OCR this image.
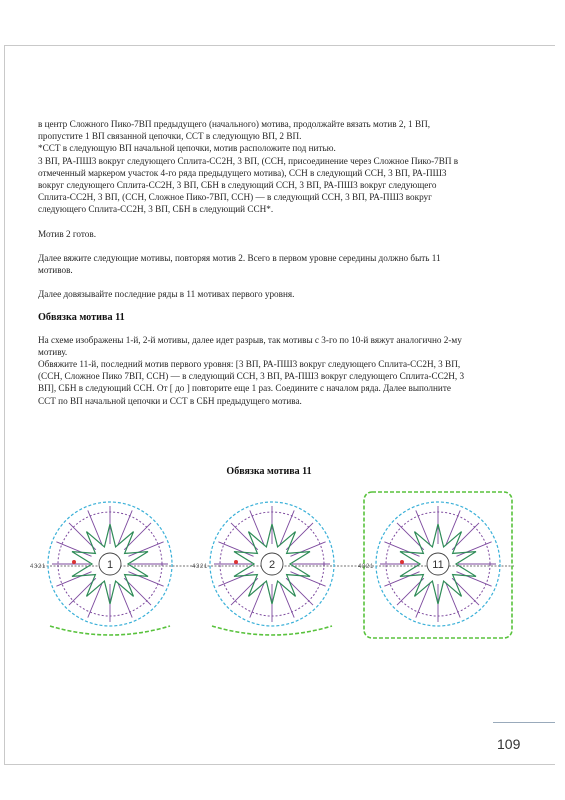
109

в центр Сложного Пико-7ВП предыдущего (начального) мотива, продолжайте вязать мотив 2, 1 ВП, пропустите 1 ВП связанной цепочки, ССТ в следующую ВП, 2 ВП.

*ССТ в следующую ВП начальной цепочки, мотив расположите под нитью.

3 ВП, РА-ПШ3 вокруг следующего Сплита-СС2Н, 3 ВП, (ССН, присоединение через Сложное Пико-7ВП в отмеченный маркером участок 4-го ряда предыдущего мотива), ССН в следующий ССН, 3 ВП, РА-ПШ3 вокруг следующего Сплита-СС2Н, 3 ВП, СБН в следующий ССН, 3 ВП, РА-ПШ3 вокруг следующего Сплита-СС2Н, 3 ВП, (ССН, Сложное Пико-7ВП, ССН) — в следующий ССН, 3 ВП, РА-ПШ3 вокруг следующего Сплита-СС2Н, 3 ВП, СБН в следующий ССН*.

Мотив 2 готов.

Далее вяжите следующие мотивы, повторяя мотив 2. Всего в первом уровне середины должно быть 11 мотивов.

Далее довязывайте последние ряды в 11 мотивах первого уровня.

Обвязка мотива 11

На схеме изображены 1-й, 2-й мотивы, далее идет разрыв, так мотивы с 3-го по 10-й вяжут аналогично 2-му мотиву.

Обвяжите 11-й, последний мотив первого уровня: [3 ВП, РА-ПШ3 вокруг следующего Сплита-СС2Н, 3 ВП, (ССН, Сложное Пико 7ВП, ССН) — в следующий ССН, 3 ВП, РА-ПШ3 вокруг следующего Сплита-СС2Н, 3 ВП], СБН в следующий ССН. От [ до ] повторите еще 1 раз. Соедините с началом ряда. Далее выполните ССТ по ВП начальной цепочки и ССТ в СБН предыдущего мотива.

Обвязка мотива 11
1
4 3 2 1	2
4 3 2 1	11
4 3 2 1
